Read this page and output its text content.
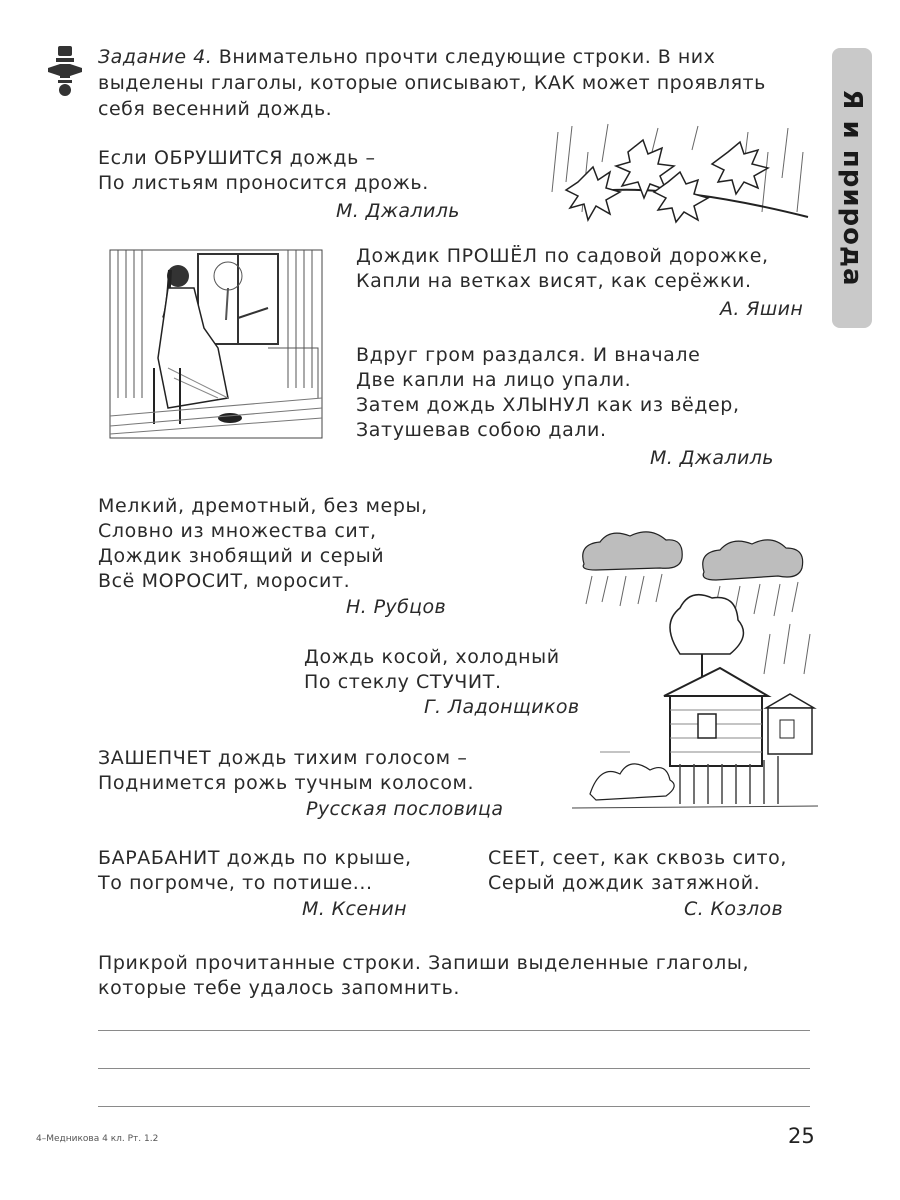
Я и природа
Задание 4. Внимательно прочти следующие строки. В них выделены глаголы, которые описывают, КАК может проявлять себя весенний дождь.
Если ОБРУШИТСЯ дождь –
По листьям проносится дрожь.
М. Джалиль
Дождик ПРОШЁЛ по садовой дорожке,
Капли на ветках висят, как серёжки.
А. Яшин
Вдруг гром раздался. И вначале
Две капли на лицо упали.
Затем дождь ХЛЫНУЛ как из вёдер,
Затушевав собою дали.
М. Джалиль
Мелкий, дремотный, без меры,
Словно из множества сит,
Дождик знобящий и серый
Всё МОРОСИТ, моросит.
Н. Рубцов
Дождь косой, холодный
По стеклу СТУЧИТ.
Г. Ладонщиков
ЗАШЕПЧЕТ дождь тихим голосом –
Поднимется рожь тучным колосом.
Русская пословица
БАРАБАНИТ дождь по крыше,
То погромче, то потише...
М. Ксенин
СЕЕТ, сеет, как сквозь сито,
Серый дождик затяжной.
С. Козлов
Прикрой прочитанные строки. Запиши выделенные глаголы,
которые тебе удалось запомнить.
4–Медникова 4 кл. Рт. 1.2	25
